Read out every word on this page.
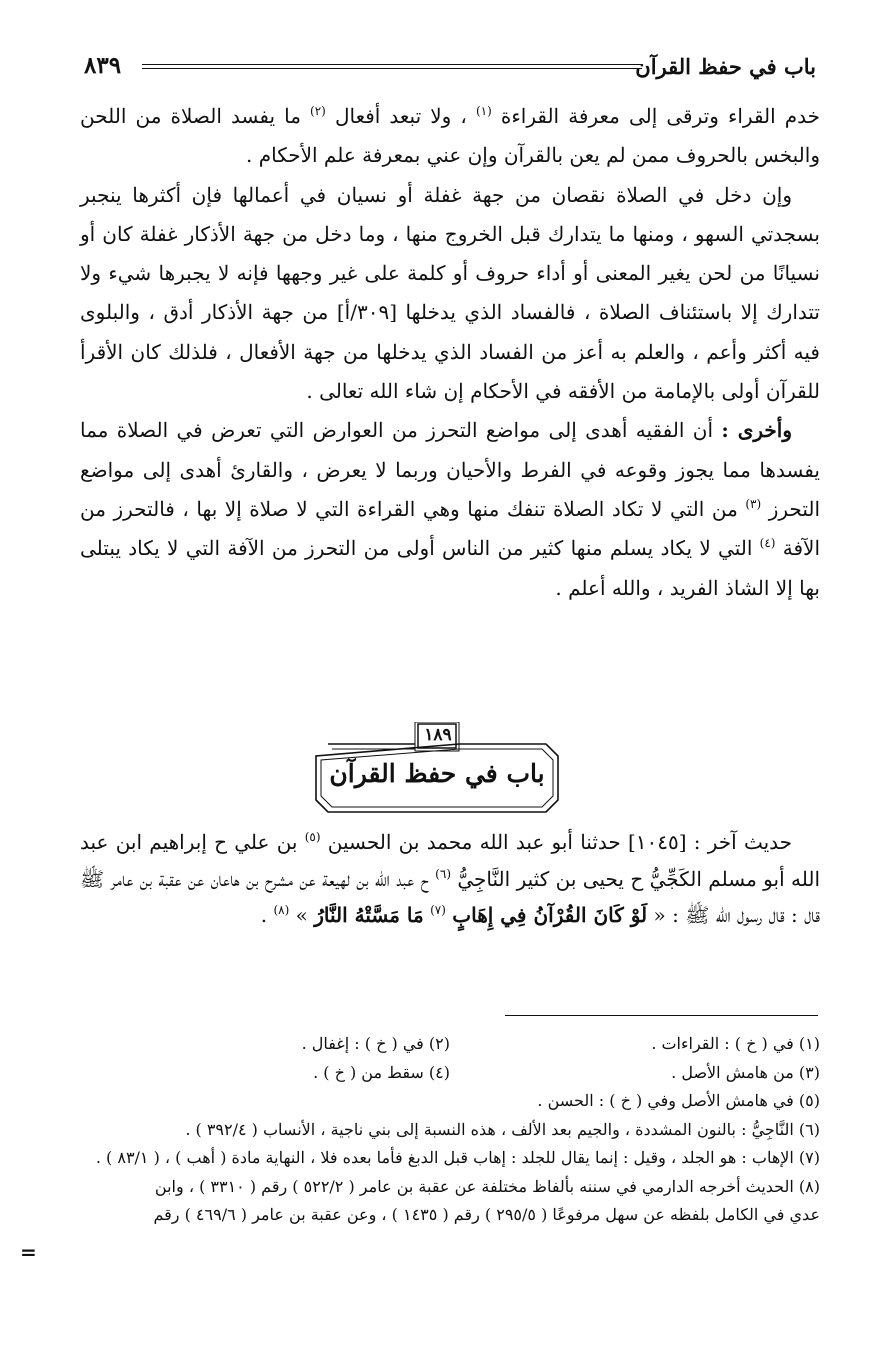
باب في حفظ القرآن
٨٣٩

خدم القراء وترقى إلى معرفة القراءة $^{(١)}$ ، ولا تبعد أفعال $^{(٢)}$ ما يفسد الصلاة من اللحن والبخس بالحروف ممن لم يعن بالقرآن وإن عني بمعرفة علم الأحكام .

وإن دخل في الصلاة نقصان من جهة غفلة أو نسيان في أعمالها فإن أكثرها ينجبر بسجدتي السهو ، ومنها ما يتدارك قبل الخروج منها ، وما دخل من جهة الأذكار غفلة كان أو نسيانًا من لحن يغير المعنى أو أداء حروف أو كلمة على غير وجهها فإنه لا يجبرها شيء ولا تتدارك إلا باستئناف الصلاة ، فالفساد الذي يدخلها [٣٠٩/أ] من جهة الأذكار أدق ، والبلوى فيه أكثر وأعم ، والعلم به أعز من الفساد الذي يدخلها من جهة الأفعال ، فلذلك كان الأقرأ للقرآن أولى بالإمامة من الأفقه في الأحكام إن شاء الله تعالى .

وأخرى : أن الفقيه أهدى إلى مواضع التحرز من العوارض التي تعرض في الصلاة مما يفسدها مما يجوز وقوعه في الفرط والأحيان وربما لا يعرض ، والقارئ أهدى إلى مواضع التحرز $^{(٣)}$ من التي لا تكاد الصلاة تنفك منها وهي القراءة التي لا صلاة إلا بها ، فالتحرز من الآفة $^{(٤)}$ التي لا يكاد يسلم منها كثير من الناس أولى من التحرز من الآفة التي لا يكاد يبتلى بها إلا الشاذ الفريد ، والله أعلم .

١٨٩
باب في حفظ القرآن

حديث آخر : [١٠٤٥] حدثنا أبو عبد الله محمد بن الحسين $^{(٥)}$ بن علي ح إبراهيم ابن عبد الله أبو مسلم الكَجِّيُّ ح يحيى بن كثير النَّاجِيُّ $^{(٦)}$ ح عبد الله بن لهيعة عن مشرح بن هاعان عن عقبة بن عامر ﷺ قال : قال رسول الله ﷺ : « لَوْ كَانَ القُرْآنُ فِي إِهَابٍ $^{(٧)}$ مَا مَسَّتْهُ النَّارُ » $^{(٨)}$ .

(١) في ( خ ) : القراءات .
(٢) في ( خ ) : إغفال .
(٣) من هامش الأصل .
(٤) سقط من ( خ ) .
(٥) في هامش الأصل وفي ( خ ) : الحسن .
(٦) النَّاجِيُّ : بالنون المشددة ، والجيم بعد الألف ، هذه النسبة إلى بني ناجية ، الأنساب ( ٣٩٢/٤ ) .
(٧) الإهاب : هو الجلد ، وقيل : إنما يقال للجلد : إهاب قبل الدبغ فأما بعده فلا ، النهاية مادة ( أهب ) ، ( ٨٣/١ ) .
(٨) الحديث أخرجه الدارمي في سننه بألفاظ مختلفة عن عقبة بن عامر ( ٥٢٢/٢ ) رقم ( ٣٣١٠ ) ، وابن
عدي في الكامل بلفظه عن سهل مرفوعًا ( ٢٩٥/٥ ) رقم ( ١٤٣٥ ) ، وعن عقبة بن عامر ( ٤٦٩/٦ ) رقم
=
